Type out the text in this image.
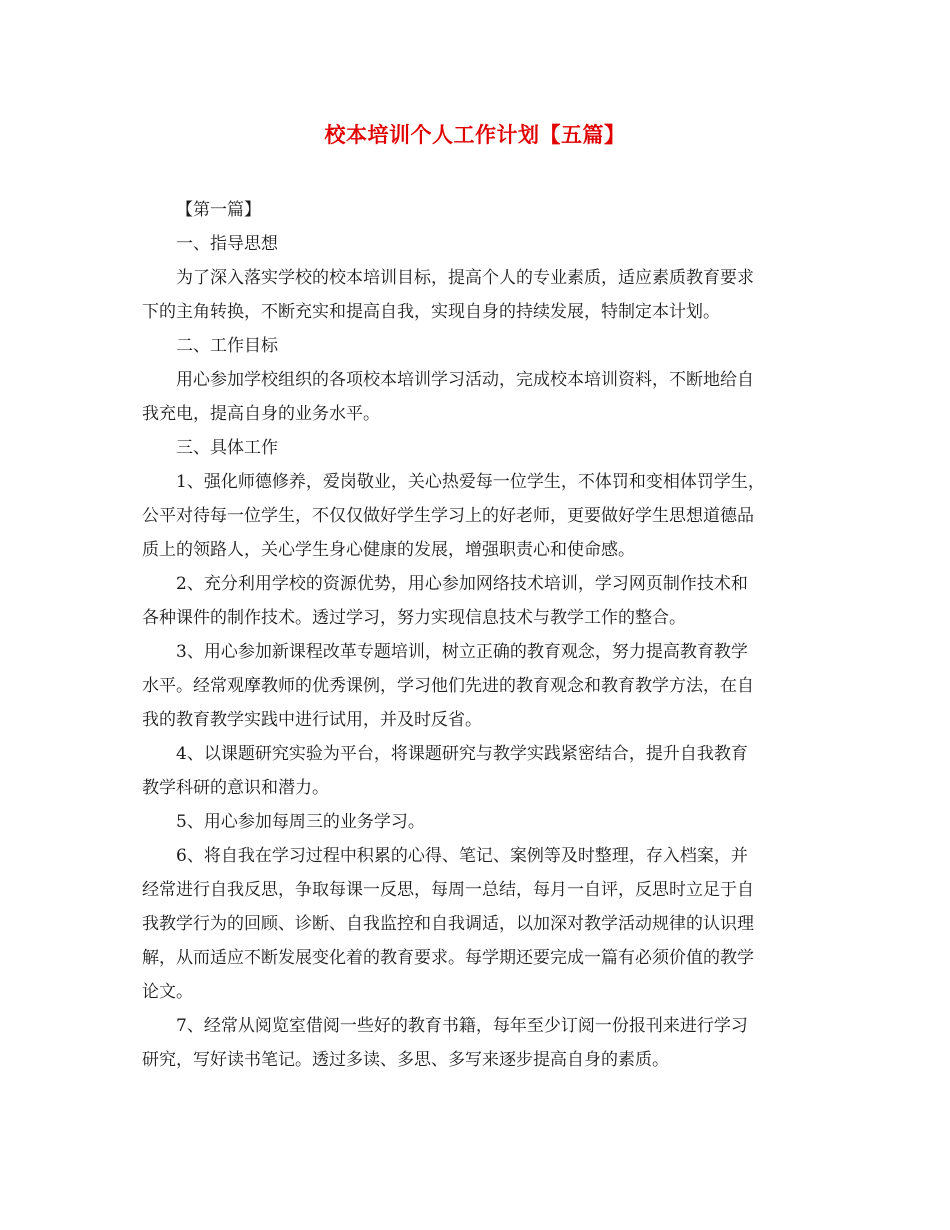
校本培训个人工作计划【五篇】
【第一篇】
一、指导思想
为了深入落实学校的校本培训目标，提高个人的专业素质，适应素质教育要求
下的主角转换，不断充实和提高自我，实现自身的持续发展，特制定本计划。
二、工作目标
用心参加学校组织的各项校本培训学习活动，完成校本培训资料，不断地给自
我充电，提高自身的业务水平。
三、具体工作
1、强化师德修养，爱岗敬业，关心热爱每一位学生，不体罚和变相体罚学生，
公平对待每一位学生，不仅仅做好学生学习上的好老师，更要做好学生思想道德品
质上的领路人，关心学生身心健康的发展，增强职责心和使命感。
2、充分利用学校的资源优势，用心参加网络技术培训，学习网页制作技术和
各种课件的制作技术。透过学习，努力实现信息技术与教学工作的整合。
3、用心参加新课程改革专题培训，树立正确的教育观念，努力提高教育教学
水平。经常观摩教师的优秀课例，学习他们先进的教育观念和教育教学方法，在自
我的教育教学实践中进行试用，并及时反省。
4、以课题研究实验为平台，将课题研究与教学实践紧密结合，提升自我教育
教学科研的意识和潜力。
5、用心参加每周三的业务学习。
6、将自我在学习过程中积累的心得、笔记、案例等及时整理，存入档案，并
经常进行自我反思，争取每课一反思，每周一总结，每月一自评，反思时立足于自
我教学行为的回顾、诊断、自我监控和自我调适，以加深对教学活动规律的认识理
解，从而适应不断发展变化着的教育要求。每学期还要完成一篇有必须价值的教学
论文。
7、经常从阅览室借阅一些好的教育书籍，每年至少订阅一份报刊来进行学习
研究，写好读书笔记。透过多读、多思、多写来逐步提高自身的素质。
